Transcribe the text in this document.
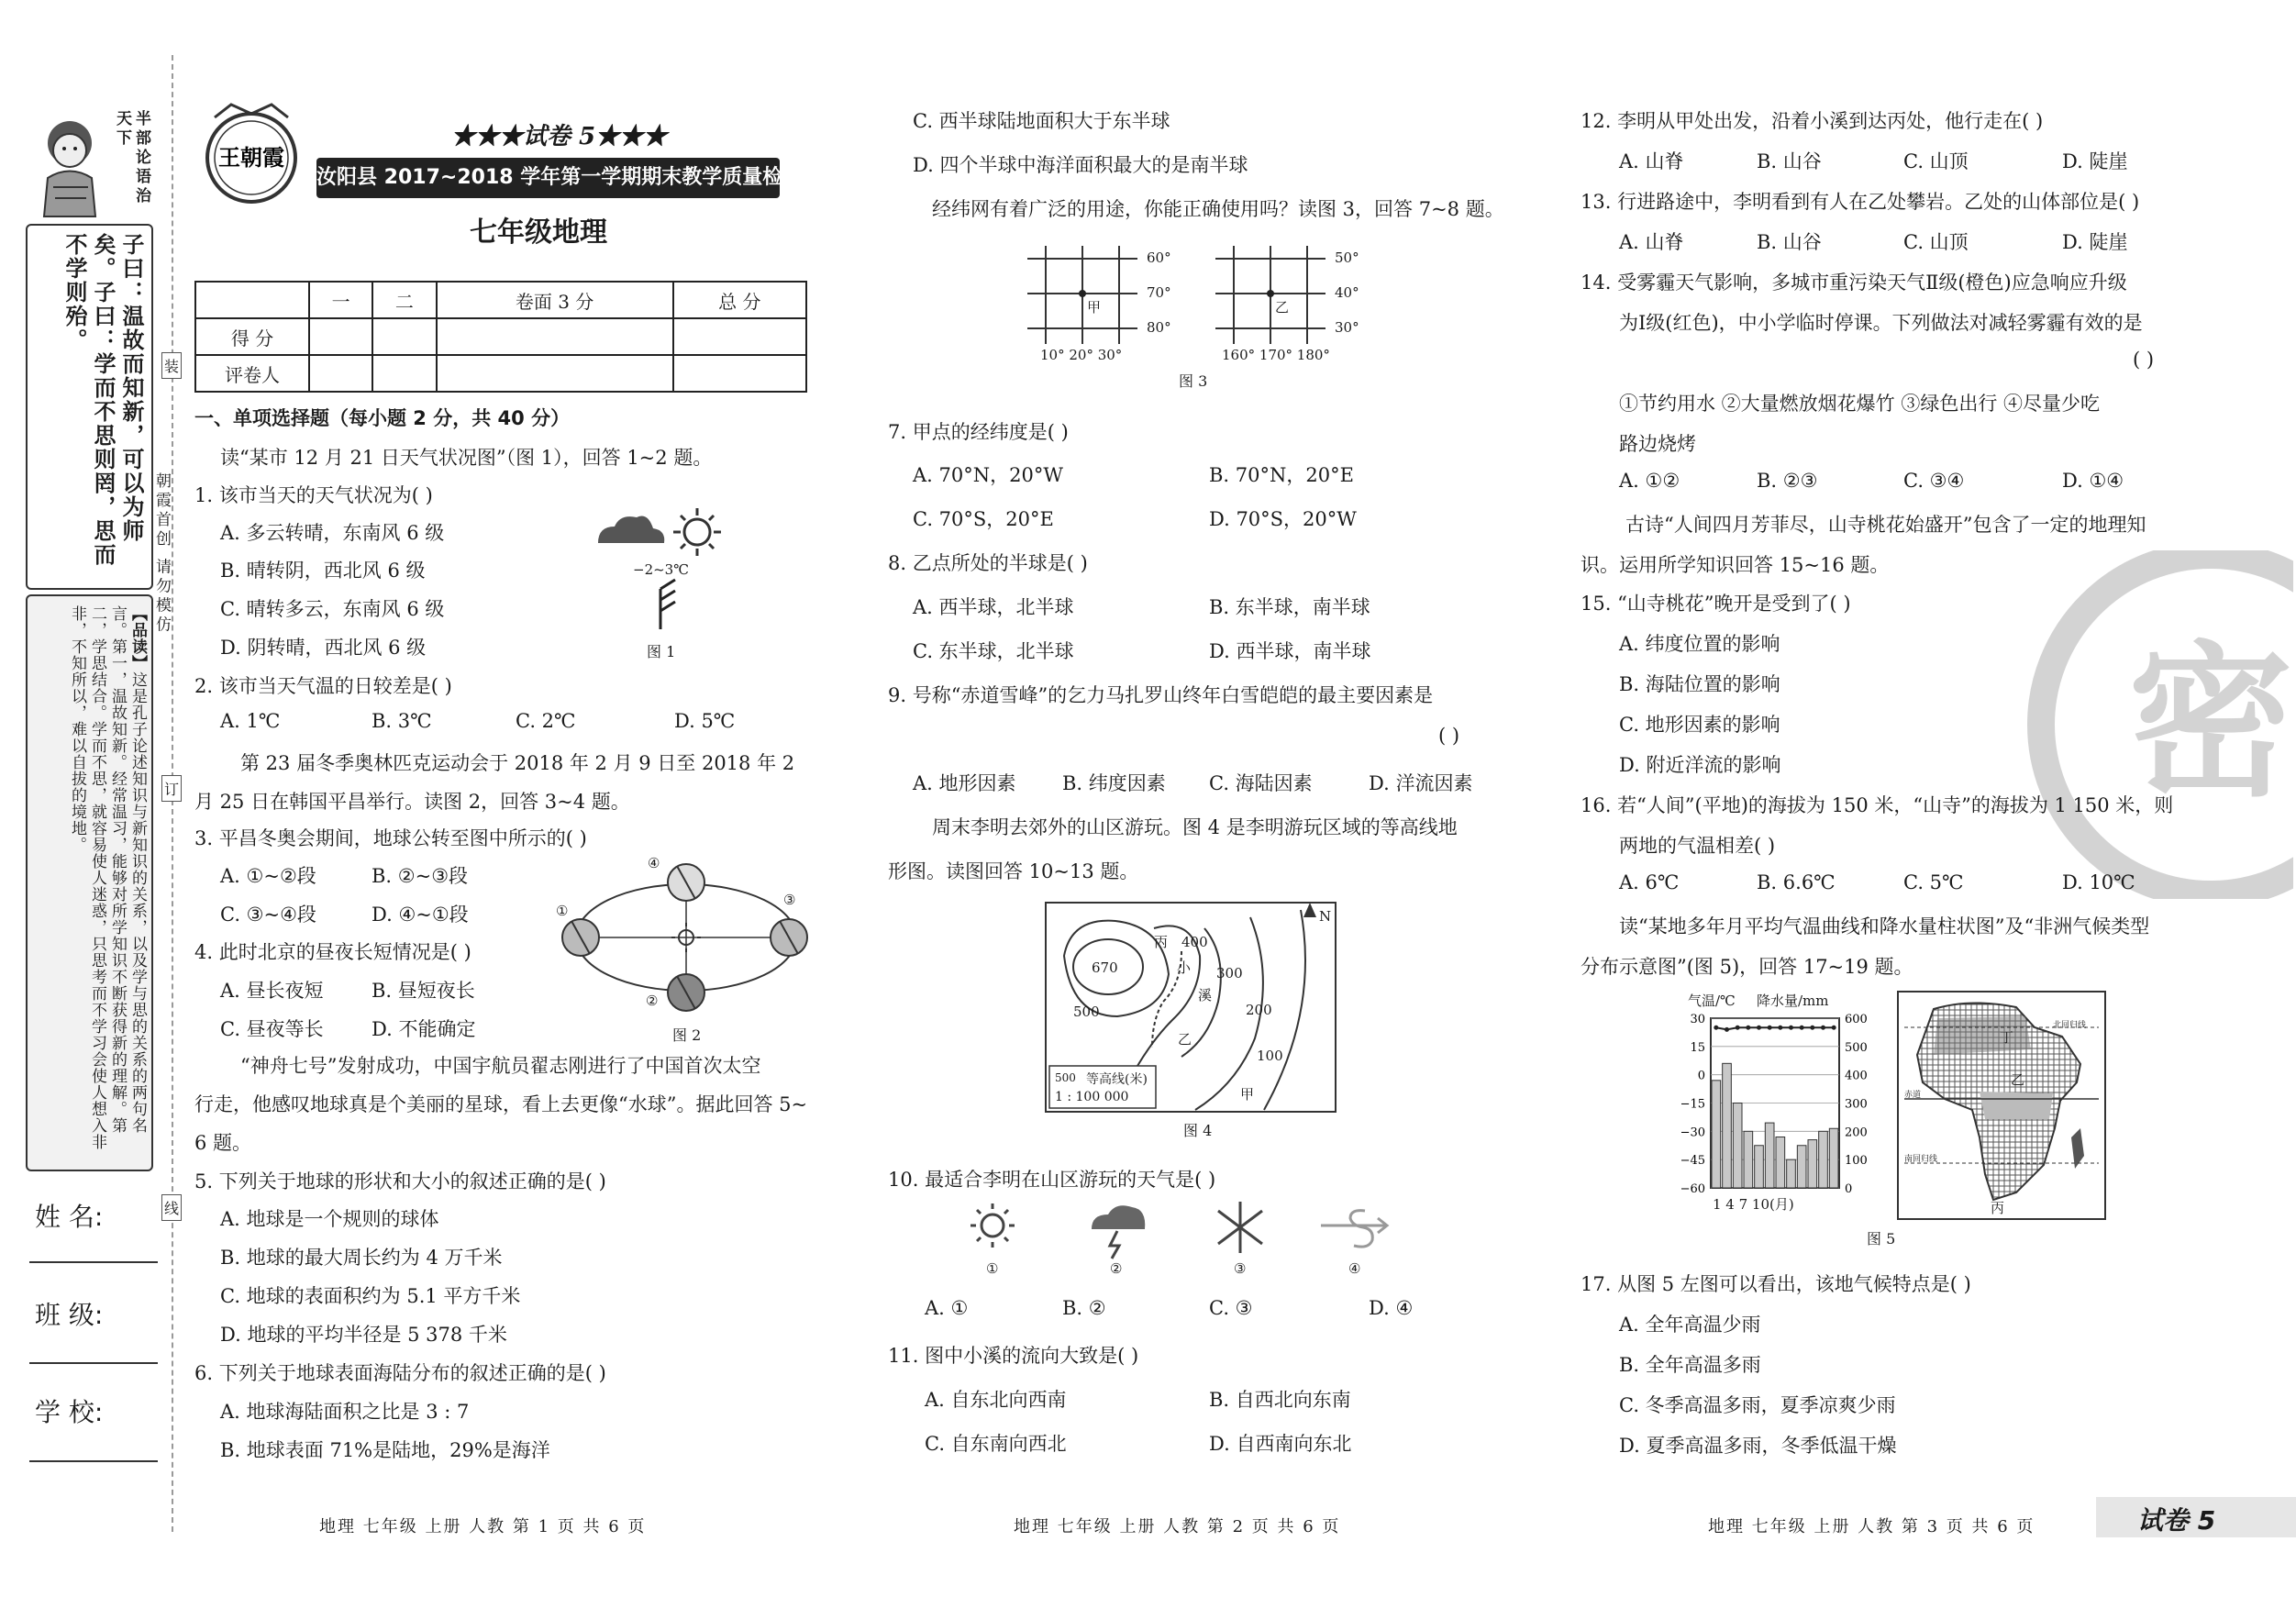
半部论语治天下
子曰：温故而知新，可以为师矣。子曰：学而不思则罔，思而不学则殆。
【品读】这是孔子论述知识与新知识的关系，以及学与思的关系的两句名言。第一，温故知新。经常温习，能够对所学知识不断获得新的理解。第二，学思结合。学而不思，就容易使人迷惑，只思考而不学习会使人想入非非，不知所以，难以自拔的境地。
朝霞首创 请勿模仿
装
订
线
姓 名:
班 级:
学 校:
王朝霞
★★★试卷 5★★★
汝阳县 2017~2018 学年第一学期期末教学质量检测试卷
七年级地理
	一	二	卷面 3 分	总 分
得 分				
评卷人				
一、单项选择题（每小题 2 分，共 40 分）
读“某市 12 月 21 日天气状况图”（图 1），回答 1~2 题。
1. 该市当天的天气状况为( )
A. 多云转晴，东南风 6 级
B. 晴转阴，西北风 6 级
C. 晴转多云，东南风 6 级
D. 阴转晴，西北风 6 级
−2~3℃
图 1
2. 该市当天气温的日较差是( )
A. 1℃	B. 3℃	C. 2℃	D. 5℃
第 23 届冬季奥林匹克运动会于 2018 年 2 月 9 日至 2018 年 2
月 25 日在韩国平昌举行。读图 2，回答 3~4 题。
3. 平昌冬奥会期间，地球公转至图中所示的( )
A. ①~②段	B. ②~③段
C. ③~④段	D. ④~①段
4. 此时北京的昼夜长短情况是( )
A. 昼长夜短 B. 昼短夜长
C. 昼夜等长 D. 不能确定
①
②
③
④
图 2
“神舟七号”发射成功，中国宇航员翟志刚进行了中国首次太空
行走，他感叹地球真是个美丽的星球，看上去更像“水球”。据此回答 5~
6 题。
5. 下列关于地球的形状和大小的叙述正确的是( )
A. 地球是一个规则的球体
B. 地球的最大周长约为 4 万千米
C. 地球的表面积约为 5.1 平方千米
D. 地球的平均半径是 5 378 千米
6. 下列关于地球表面海陆分布的叙述正确的是( )
A. 地球海陆面积之比是 3 : 7
B. 地球表面 71%是陆地，29%是海洋
地理 七年级 上册 人教 第 1 页 共 6 页
C. 西半球陆地面积大于东半球
D. 四个半球中海洋面积最大的是南半球
经纬网有着广泛的用途，你能正确使用吗？读图 3，回答 7~8 题。
60°
70°
80°
甲
10° 20° 30°
50°
40°
30°
乙
160° 170° 180°
图 3
7. 甲点的经纬度是( )
A. 70°N，20°W	B. 70°N，20°E
C. 70°S，20°E	D. 70°S，20°W
8. 乙点所处的半球是( )
A. 西半球，北半球	B. 东半球，南半球
C. 东半球，北半球	D. 西半球，南半球
9. 号称“赤道雪峰”的乞力马扎罗山终年白雪皑皑的最主要因素是
( )
A. 地形因素 B. 纬度因素 C. 海陆因素	D. 洋流因素
周末李明去郊外的山区游玩。图 4 是李明游玩区域的等高线地
形图。读图回答 10~13 题。
670
500
400
300
200
100
丙
乙
甲
小
溪
N
500 等高线(米)
1 : 100 000
图 4
10. 最适合李明在山区游玩的天气是( )
①	②	③	④
A. ①	B. ②	C. ③	D. ④
11. 图中小溪的流向大致是( )
A. 自东北向西南	B. 自西北向东南
C. 自东南向西北	D. 自西南向东北
地理 七年级 上册 人教 第 2 页 共 6 页
密
12. 李明从甲处出发，沿着小溪到达丙处，他行走在( )
A. 山脊	B. 山谷	C. 山顶	D. 陡崖
13. 行进路途中，李明看到有人在乙处攀岩。乙处的山体部位是( )
A. 山脊	B. 山谷	C. 山顶	D. 陡崖
14. 受雾霾天气影响，多城市重污染天气Ⅱ级(橙色)应急响应升级
为Ⅰ级(红色)，中小学临时停课。下列做法对减轻雾霾有效的是
( )
①节约用水 ②大量燃放烟花爆竹 ③绿色出行 ④尽量少吃
路边烧烤
A. ①②	B. ②③	C. ③④	D. ①④
古诗“人间四月芳菲尽，山寺桃花始盛开”包含了一定的地理知
识。运用所学知识回答 15~16 题。
15. “山寺桃花”晚开是受到了( )
A. 纬度位置的影响
B. 海陆位置的影响
C. 地形因素的影响
D. 附近洋流的影响
16. 若“人间”(平地)的海拔为 150 米，“山寺”的海拔为 1 150 米，则
两地的气温相差( )
A. 6℃	B. 6.6℃	C. 5℃	D. 10℃
读“某地多年月平均气温曲线和降水量柱状图”及“非洲气候类型
分布示意图”(图 5)，回答 17~19 题。
气温/℃ 降水量/mm
30	600
15	500
0	400
−15	300
−30	200
−45	100
−60	0
1 4 7 10(月)
丁
乙
丙
北回归线
赤道
南回归线
图 5
17. 从图 5 左图可以看出，该地气候特点是( )
A. 全年高温少雨
B. 全年高温多雨
C. 冬季高温多雨，夏季凉爽少雨
D. 夏季高温多雨，冬季低温干燥
地理 七年级 上册 人教 第 3 页 共 6 页	试卷 5
